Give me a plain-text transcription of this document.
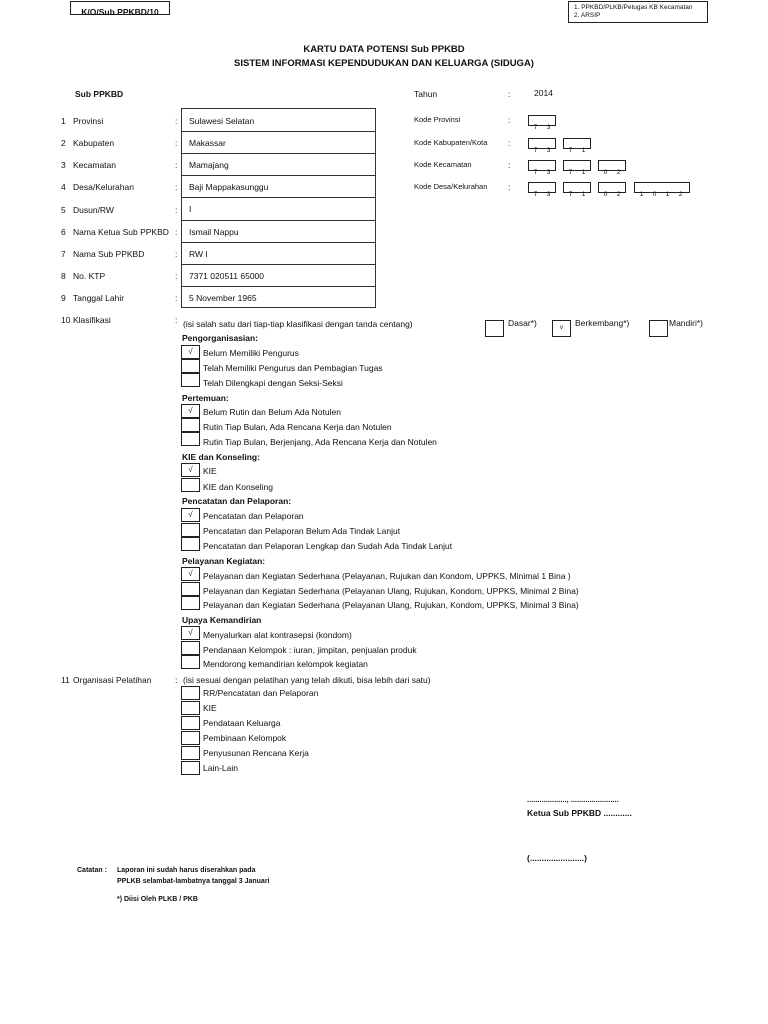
K/O/Sub PPKBD/10	1. PPKBD/PLKB/Petugas KB Kecamatan
2. ARSIP
KARTU DATA POTENSI Sub PPKBD
SISTEM INFORMASI KEPENDUDUKAN DAN KELUARGA (SIDUGA)
Sub PPKBD	Tahun	:	2014
1 Provinsi	: Sulawesi Selatan
2 Kabupaten	: Makassar
3 Kecamatan	: Mamajang
4 Desa/Kelurahan	: Baji Mappakasunggu
5 Dusun/RW	: I
6 Nama Ketua Sub PPKBD : Ismail Nappu
7 Nama Sub PPKBD	: RW I
8 No. KTP	: 7371 020511 65000
9 Tanggal Lahir	: 5 November 1965
Kode Provinsi	:
7 3
Kode Kabupaten/Kota :
7 3	7 1
Kode Kecamatan	:
7 3	7 1	0 2
Kode Desa/Kelurahan :
7 3	7 1	0 2	1 0 1 2
10 Klasifikasi	: (isi salah satu dari tiap-tiap klasifikasi dengan tanda centang)	Dasar*)	v	Berkembang*)	Mandiri*)
Pengorganisasian:
√	Belum Memiliki Pengurus
Telah Memiliki Pengurus dan Pembagian Tugas
Telah Dilengkapi dengan Seksi-Seksi
Pertemuan:
√	Belum Rutin dan Belum Ada Notulen
Rutin Tiap Bulan, Ada Rencana Kerja dan Notulen
Rutin Tiap Bulan, Berjenjang, Ada Rencana Kerja dan Notulen
KIE dan Konseling:
√	KIE
KIE dan Konseling
Pencatatan dan Pelaporan:
√	Pencatatan dan Pelaporan
Pencatatan dan Pelaporan Belum Ada Tindak Lanjut
Pencatatan dan Pelaporan Lengkap dan Sudah Ada Tindak Lanjut
Pelayanan Kegiatan:
√	Pelayanan dan Kegiatan Sederhana (Pelayanan, Rujukan dan Kondom, UPPKS, Minimal 1 Bina )
Pelayanan dan Kegiatan Sederhana (Pelayanan Ulang, Rujukan, Kondom, UPPKS, Minimal 2 Bina)
Pelayanan dan Kegiatan Sederhana (Pelayanan Ulang, Rujukan, Kondom, UPPKS, Minimal 3 Bina)
Upaya Kemandirian
√	Menyalurkan alat kontrasepsi (kondom)
Pendanaan Kelompok : iuran, jimpitan, penjualan produk
Mendorong kemandirian kelompok kegiatan
11 Organisasi Pelatihan	: (isi sesuai dengan pelatihan yang telah dikuti, bisa lebih dari satu)
RR/Pencatatan dan Pelaporan
KIE
Pendataan Keluarga
Pembinaan Kelompok
Penyusunan Rencana Kerja
Lain-Lain
..................., .......................
Ketua Sub PPKBD ............
(.......................)
Catatan : Laporan ini sudah harus diserahkan pada
PPLKB selambat-lambatnya tanggal 3 Januari
*) Diisi Oleh PLKB / PKB
